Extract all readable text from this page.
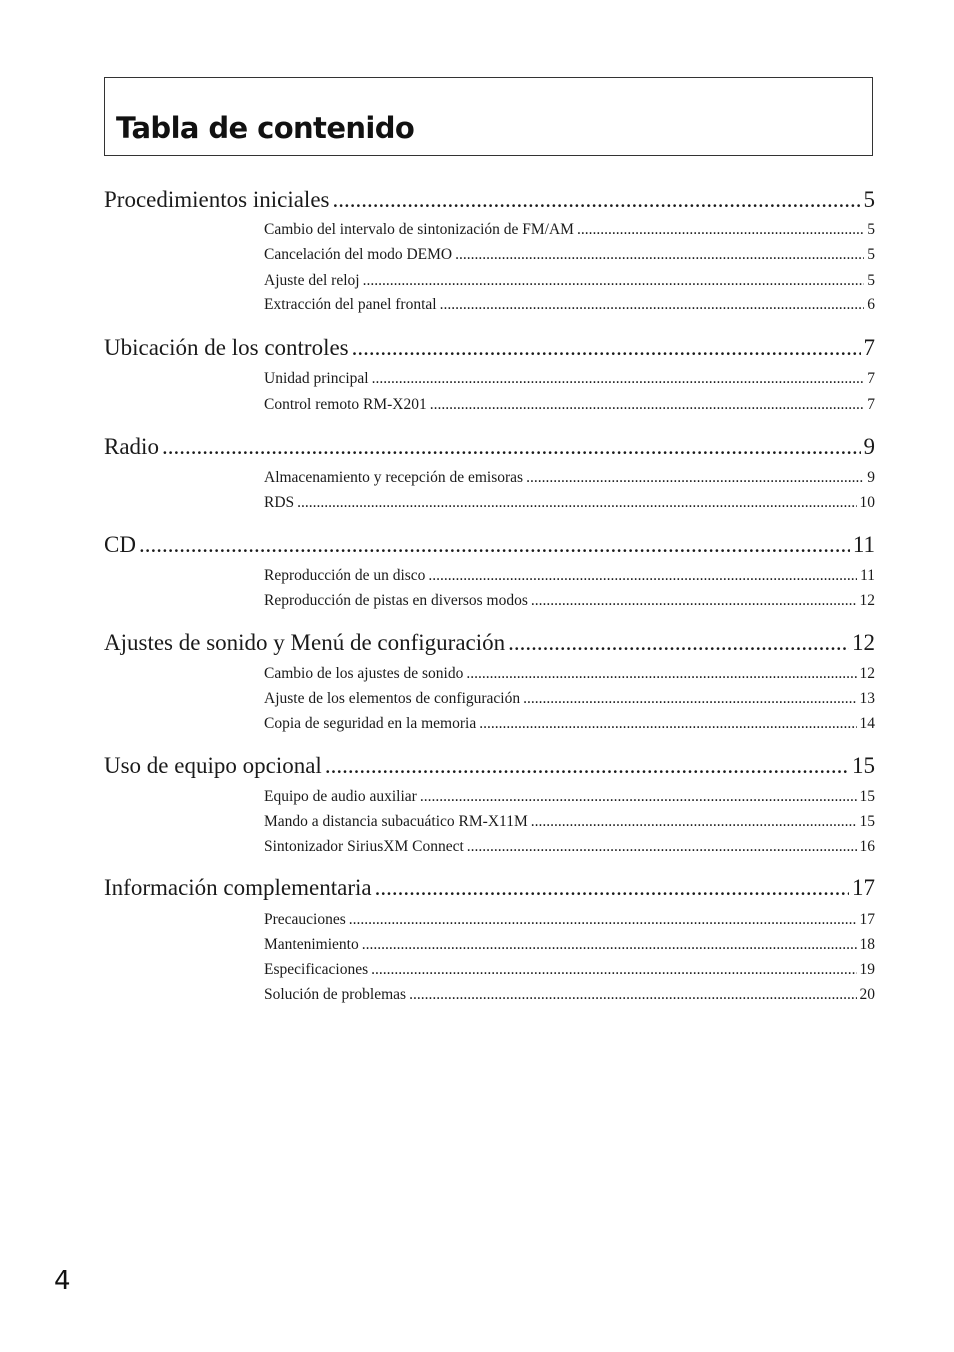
Tabla de contenido
Procedimientos iniciales .....	5
Cambio del intervalo de sintonización de FM/AM .....	5
Cancelación del modo DEMO .....	5
Ajuste del reloj .....	5
Extracción del panel frontal .....	6
Ubicación de los controles .....	7
Unidad principal .....	7
Control remoto RM-X201 .....	7
Radio .....	9
Almacenamiento y recepción de emisoras .....	9
RDS .....	10
CD .....	11
Reproducción de un disco .....	11
Reproducción de pistas en diversos modos .....	12
Ajustes de sonido y Menú de configuración .....	12
Cambio de los ajustes de sonido .....	12
Ajuste de los elementos de configuración .....	13
Copia de seguridad en la memoria .....	14
Uso de equipo opcional .....	15
Equipo de audio auxiliar .....	15
Mando a distancia subacuático RM-X11M .....	15
Sintonizador SiriusXM Connect .....	16
Información complementaria .....	17
Precauciones .....	17
Mantenimiento .....	18
Especificaciones .....	19
Solución de problemas .....	20

4
